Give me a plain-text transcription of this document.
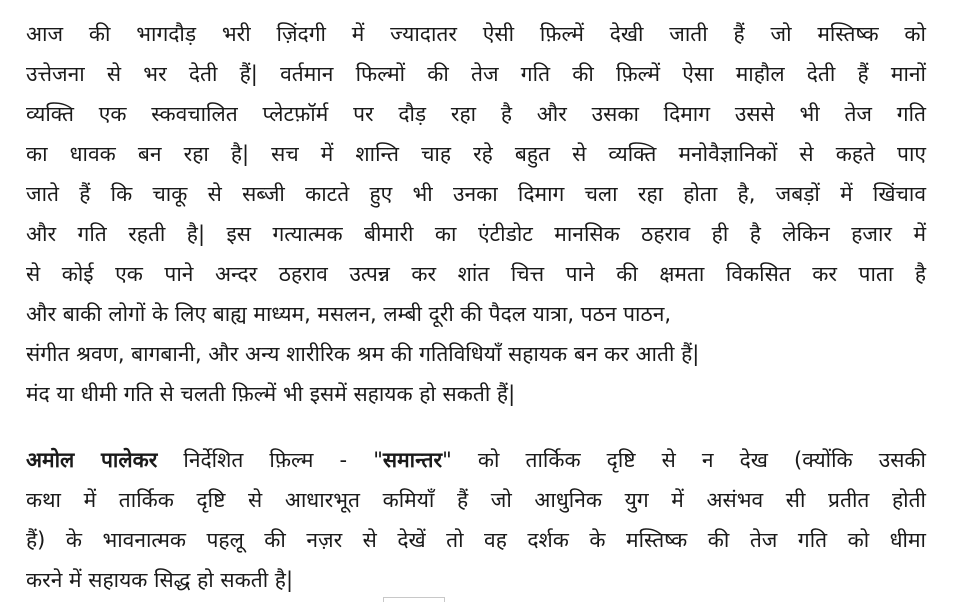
आज की भागदौड़ भरी ज़िंदगी में ज्यादातर ऐसी फ़िल्में देखी जाती हैं जो मस्तिष्क को
उत्तेजना से भर देती हैं| वर्तमान फिल्मों की तेज गति की फ़िल्में ऐसा माहौल देती हैं मानों
व्यक्ति एक स्कवचालित प्लेटफ़ॉर्म पर दौड़ रहा है और उसका दिमाग उससे भी तेज गति
का धावक बन रहा है| सच में शान्ति चाह रहे बहुत से व्यक्ति मनोवैज्ञानिकों से कहते पाए
जाते हैं कि चाकू से सब्जी काटते हुए भी उनका दिमाग चला रहा होता है, जबड़ों में खिंचाव
और गति रहती है| इस गत्यात्मक बीमारी का एंटीडोट मानसिक ठहराव ही है लेकिन हजार में
से कोई एक पाने अन्दर ठहराव उत्पन्न कर शांत चित्त पाने की क्षमता विकसित कर पाता है
और बाकी लोगों के लिए बाह्य माध्यम, मसलन, लम्बी दूरी की पैदल यात्रा, पठन पाठन,
संगीत श्रवण, बागबानी, और अन्य शारीरिक श्रम की गतिविधियाँ सहायक बन कर आती हैं|
मंद या धीमी गति से चलती फ़िल्में भी इसमें सहायक हो सकती हैं|
अमोल पालेकर निर्देशित फ़िल्म - "समान्तर" को तार्किक दृष्टि से न देख (क्योंकि उसकी
कथा में तार्किक दृष्टि से आधारभूत कमियाँ हैं जो आधुनिक युग में असंभव सी प्रतीत होती
हैं) के भावनात्मक पहलू की नज़र से देखें तो वह दर्शक के मस्तिष्क की तेज गति को धीमा
करने में सहायक सिद्ध हो सकती है|
